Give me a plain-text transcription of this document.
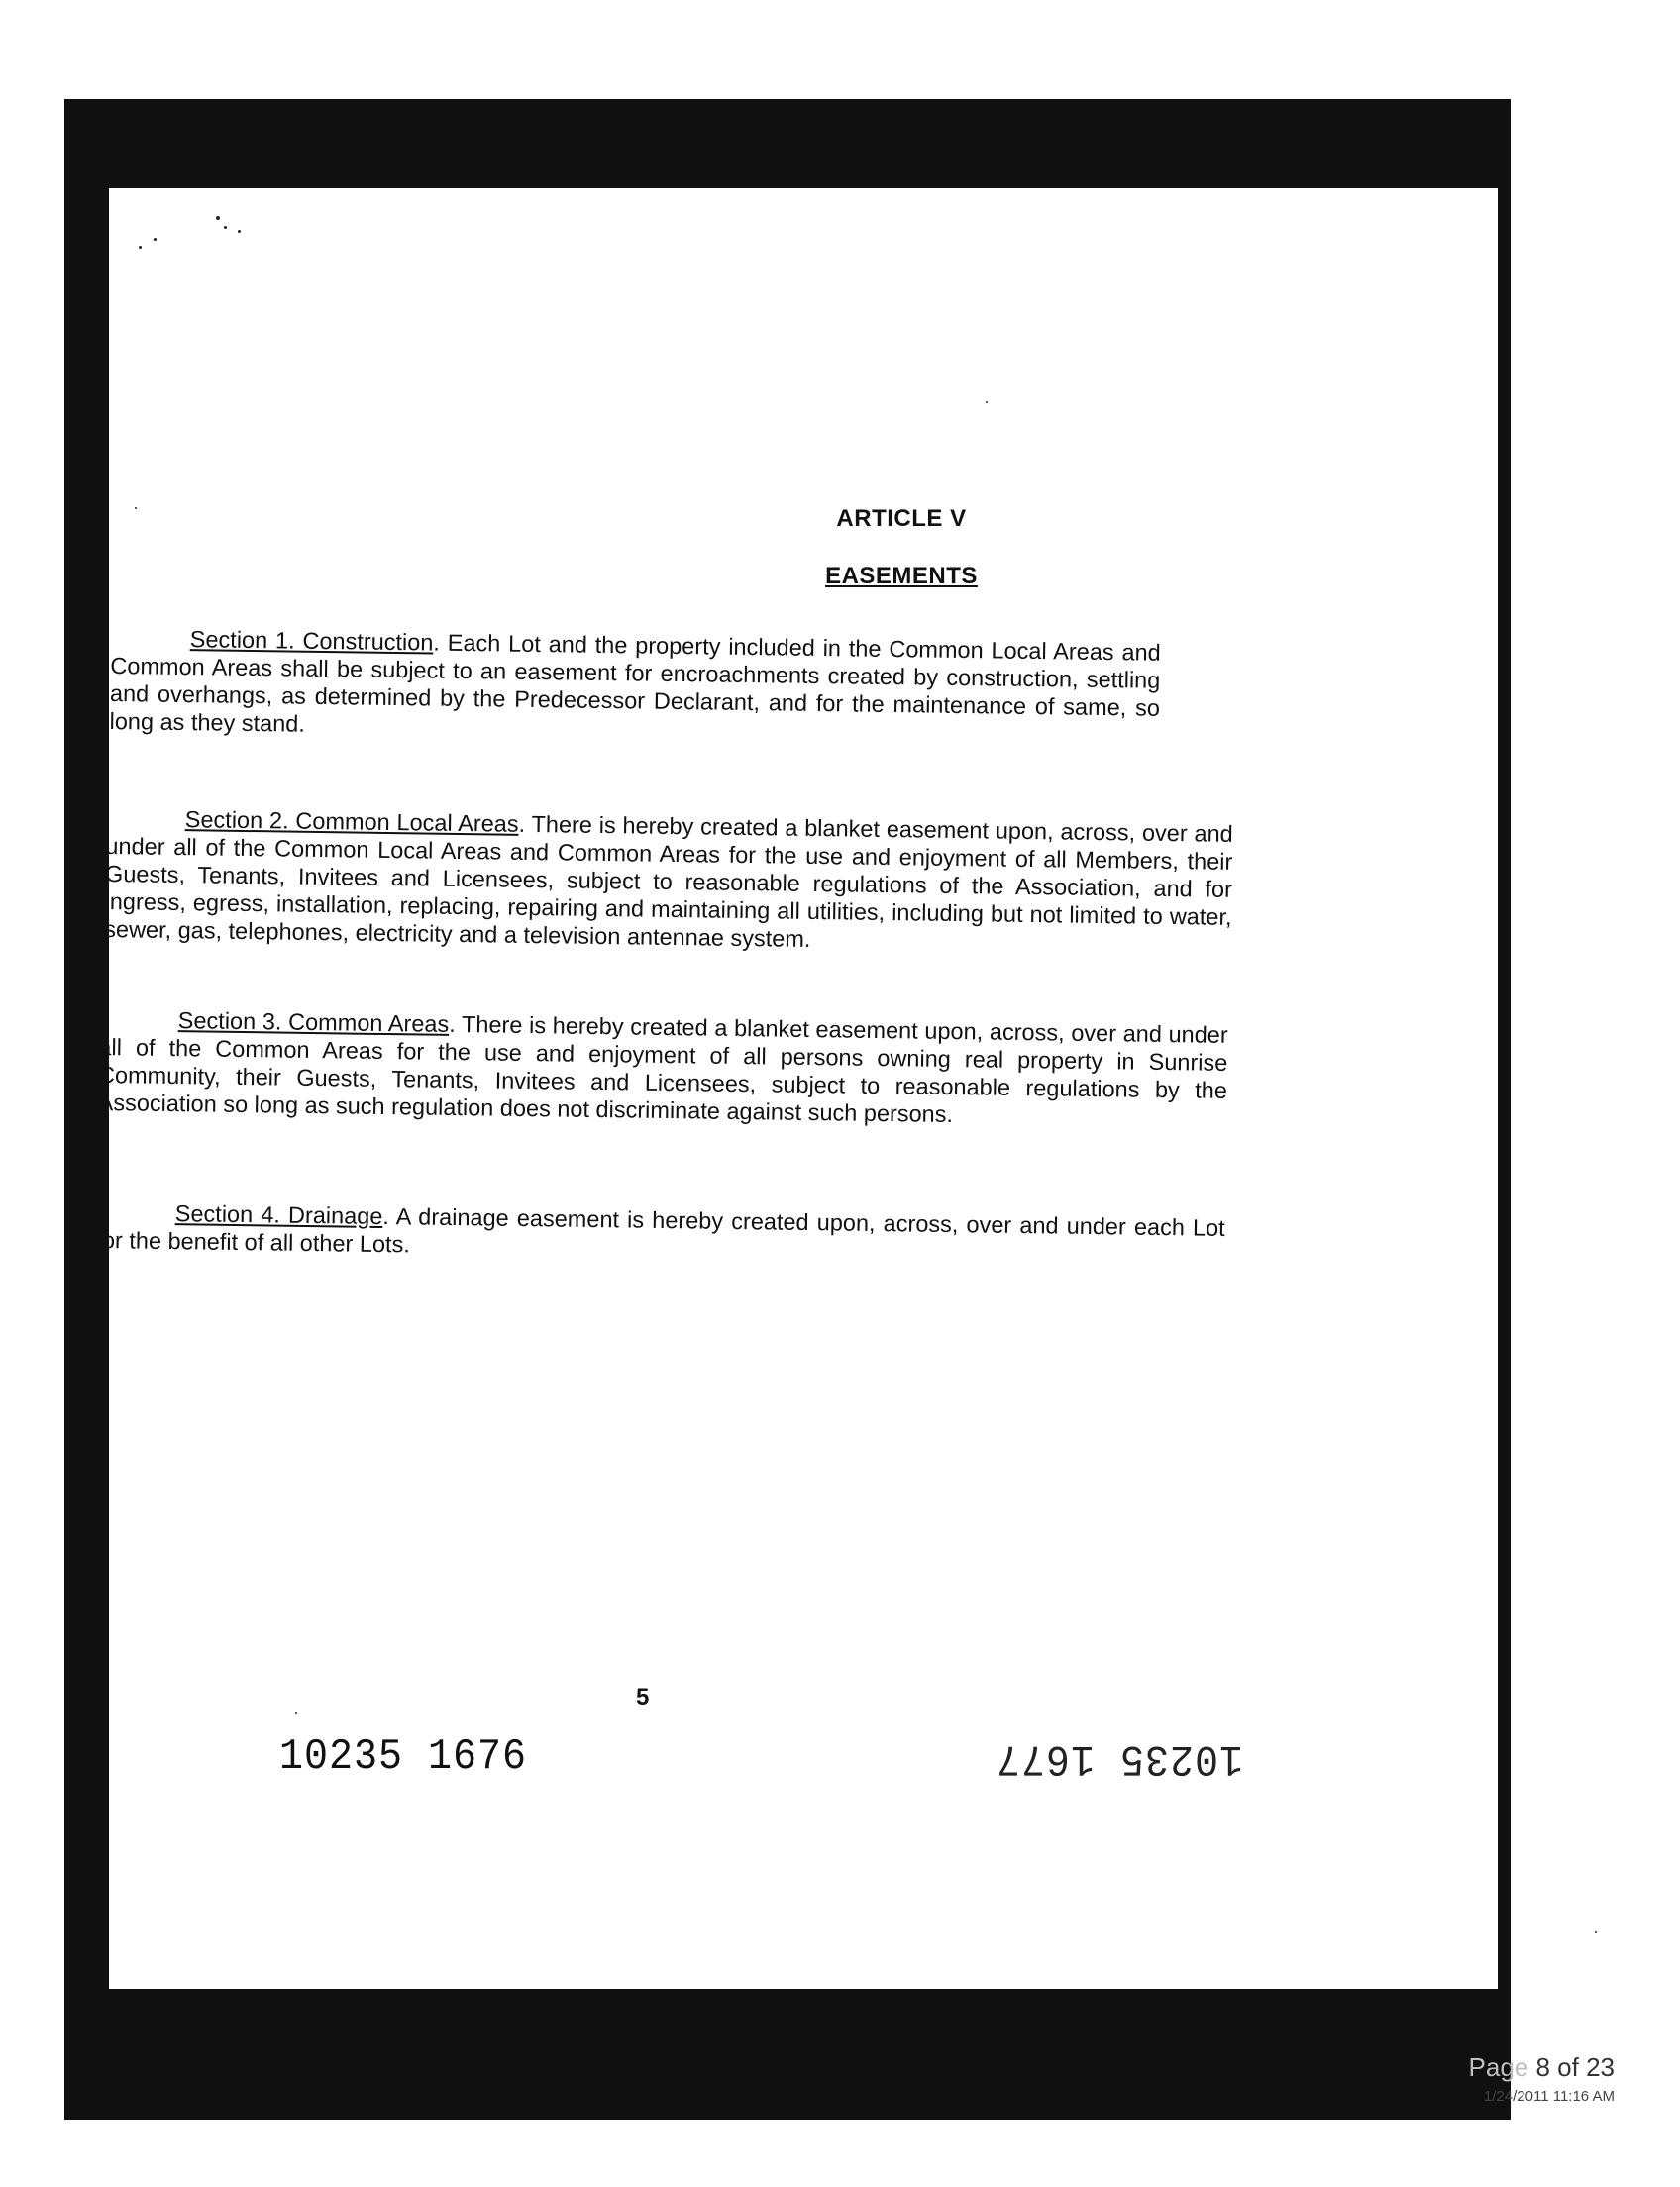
ARTICLE V
EASEMENTS
Section 1. Construction. Each Lot and the property included in the Common Local Areas and Common Areas shall be subject to an easement for encroachments created by construction, settling and overhangs, as determined by the Predecessor Declarant, and for the maintenance of same, so long as they stand.
Section 2. Common Local Areas. There is hereby created a blanket easement upon, across, over and under all of the Common Local Areas and Common Areas for the use and enjoyment of all Members, their Guests, Tenants, Invitees and Licensees, subject to reasonable regulations of the Association, and for ingress, egress, installation, replacing, repairing and maintaining all utilities, including but not limited to water, sewer, gas, telephones, electricity and a television antennae system.
Section 3. Common Areas. There is hereby created a blanket easement upon, across, over and under all of the Common Areas for the use and enjoyment of all persons owning real property in Sunrise Community, their Guests, Tenants, Invitees and Licensees, subject to reasonable regulations by the Association so long as such regulation does not discriminate against such persons.
Section 4. Drainage. A drainage easement is hereby created upon, across, over and under each Lot for the benefit of all other Lots.
5
10235 1676	10235 1677
Page 8 of 23
1/24/2011 11:16 AM
